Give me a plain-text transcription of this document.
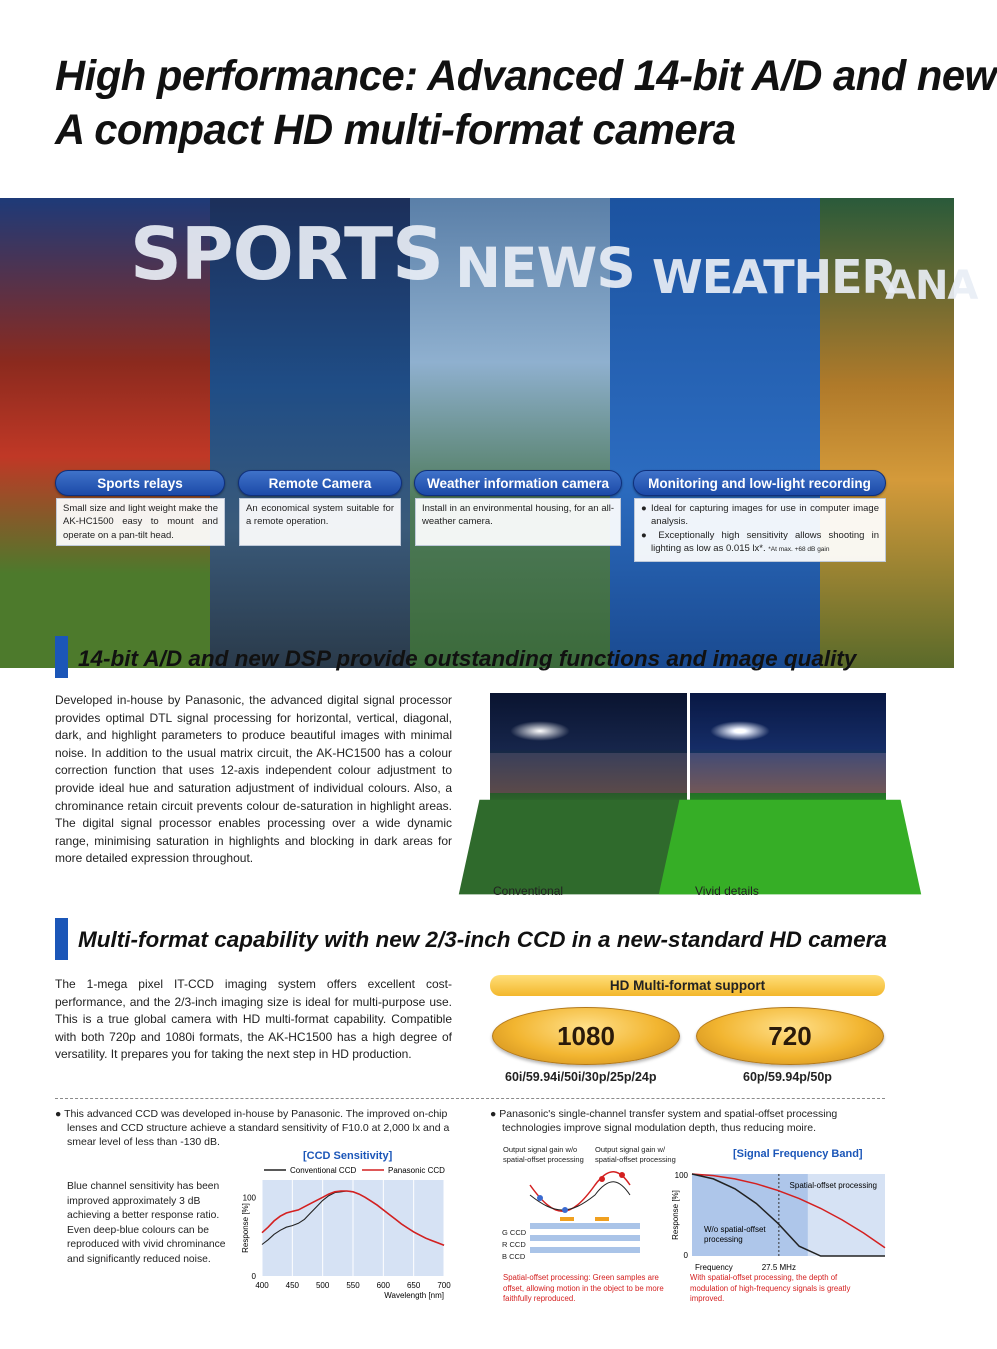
High performance: Advanced 14-bit A/D and new
A compact HD multi-format camera
SPORTS NEWS WEATHER
ANA
Sports relays
Small size and light weight make the AK-HC1500 easy to mount and operate on a pan-tilt head.
Remote Camera
An economical system suitable for a remote operation.
Weather information camera
Install in an environmental housing, for an all-weather camera.
Monitoring and low-light recording
● Ideal for capturing images for use in computer image analysis.
● Exceptionally high sensitivity allows shooting in lighting as low as 0.015 lx*. *At max. +68 dB gain
14-bit A/D and new DSP provide outstanding functions and image quality
Developed in-house by Panasonic, the advanced digital signal processor provides optimal DTL signal processing for horizontal, vertical, diagonal, dark, and highlight parameters to produce beautiful images with minimal noise. In addition to the usual matrix circuit, the AK-HC1500 has a colour correction function that uses 12-axis independent colour adjustment to provide ideal hue and saturation adjustment of individual colours. Also, a chrominance retain circuit prevents colour de-saturation in highlight areas. The digital signal processor enables processing over a wide dynamic range, minimising saturation in highlights and blocking in dark areas for more detailed expression throughout.
Conventional	Vivid details
Multi-format capability with new 2/3-inch CCD in a new-standard HD camera
The 1-mega pixel IT-CCD imaging system offers excellent cost-performance, and the 2/3-inch imaging size is ideal for multi-purpose use. This is a true global camera with HD multi-format capability. Compatible with both 720p and 1080i formats, the AK-HC1500 has a high degree of versatility. It prepares you for taking the next step in HD production.
HD Multi-format support
1080	720
60i/59.94i/50i/30p/25p/24p	60p/59.94p/50p
● This advanced CCD was developed in-house by Panasonic. The improved on-chip lenses and CCD structure achieve a standard sensitivity of F10.0 at 2,000 lx and a smear level of less than -130 dB.
Blue channel sensitivity has been improved approximately 3 dB achieving a better response ratio. Even deep-blue colours can be reproduced with vivid chrominance and significantly reduced noise.
[CCD Sensitivity]
400 450 500 550 600 650 700
100
0
Wavelength [nm]
Response [%]
Conventional CCD	Panasonic CCD
● Panasonic's single-channel transfer system and spatial-offset processing technologies improve signal modulation depth, thus reducing moire.
Output signal gain w/o spatial-offset processing
Output signal gain w/ spatial-offset processing
G CCD
R CCD
B CCD
Spatial-offset processing: Green samples are offset, allowing motion in the object to be more faithfully reproduced.
[Signal Frequency Band]
100
0
Response [%]
Frequency	27.5 MHz
Spatial-offset processing
W/o spatial-offset processing
With spatial-offset processing, the depth of modulation of high-frequency signals is greatly improved.
